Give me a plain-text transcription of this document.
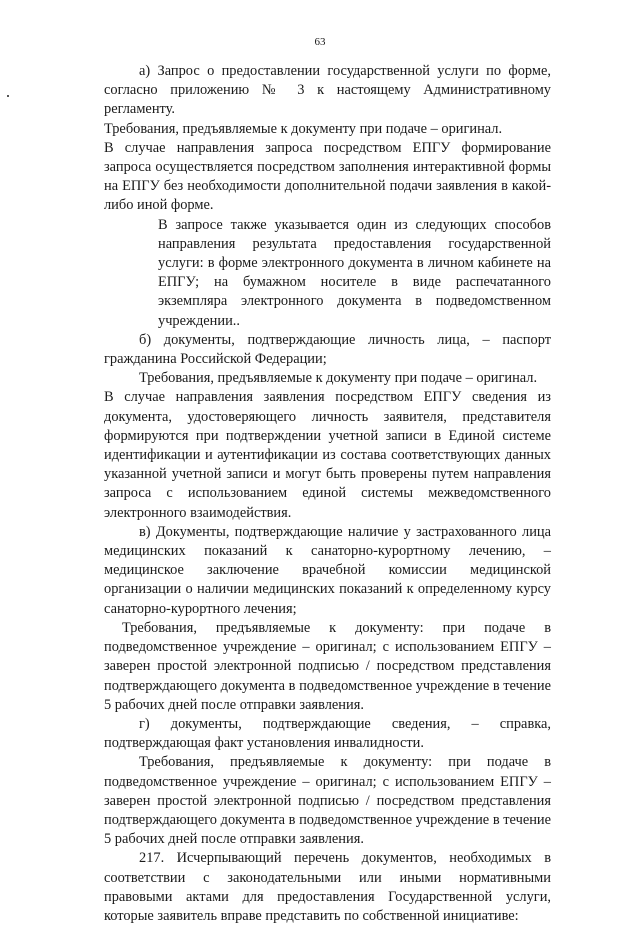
63

а) Запрос о предоставлении государственной услуги по форме, согласно приложению № 3 к настоящему Административному регламенту.

Требования, предъявляемые к документу при подаче – оригинал.

В случае направления запроса посредством ЕПГУ формирование запроса осуществляется посредством заполнения интерактивной формы на ЕПГУ без необходимости дополнительной подачи заявления в какой-либо иной форме.

В запросе также указывается один из следующих способов направления результата предоставления государственной услуги: в форме электронного документа в личном кабинете на ЕПГУ; на бумажном носителе в виде распечатанного экземпляра электронного документа в подведомственном учреждении..

б) документы, подтверждающие личность лица, – паспорт гражданина Российской Федерации;

Требования, предъявляемые к документу при подаче – оригинал.

В случае направления заявления посредством ЕПГУ сведения из документа, удостоверяющего личность заявителя, представителя формируются при подтверждении учетной записи в Единой системе идентификации и аутентификации из состава соответствующих данных указанной учетной записи и могут быть проверены путем направления запроса с использованием единой системы межведомственного электронного взаимодействия.

в) Документы, подтверждающие наличие у застрахованного лица медицинских показаний к санаторно-курортному лечению, – медицинское заключение врачебной комиссии медицинской организации о наличии медицинских показаний к определенному курсу санаторно-курортного лечения;

Требования, предъявляемые к документу: при подаче в подведомственное учреждение – оригинал; с использованием ЕПГУ – заверен простой электронной подписью / посредством представления подтверждающего документа в подведомственное учреждение в течение 5 рабочих дней после отправки заявления.

г) документы, подтверждающие сведения, – справка, подтверждающая факт установления инвалидности.

Требования, предъявляемые к документу: при подаче в подведомственное учреждение – оригинал; с использованием ЕПГУ – заверен простой электронной подписью / посредством представления подтверждающего документа в подведомственное учреждение в течение 5 рабочих дней после отправки заявления.

217. Исчерпывающий перечень документов, необходимых в соответствии с законодательными или иными нормативными правовыми актами для предоставления Государственной услуги, которые заявитель вправе представить по собственной инициативе:
